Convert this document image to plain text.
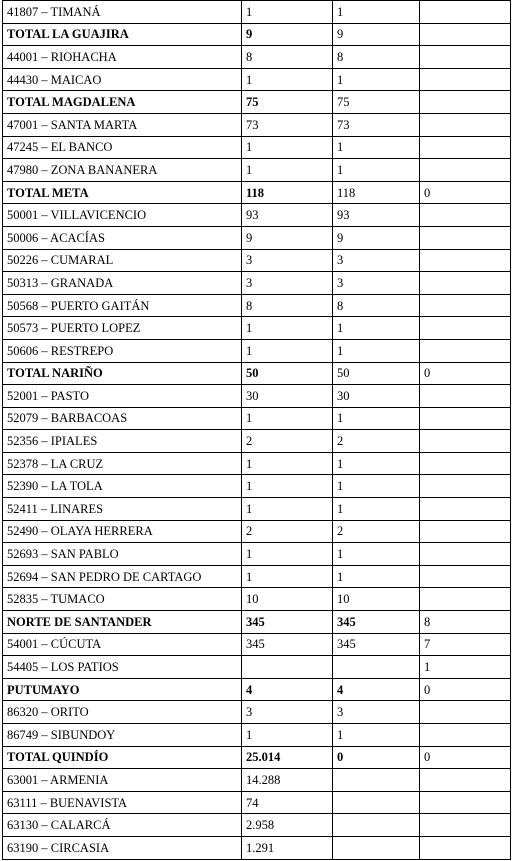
41807 – TIMANÁ	1	1	
TOTAL LA GUAJIRA	9	9	
44001 – RIOHACHA	8	8	
44430 – MAICAO	1	1	
TOTAL MAGDALENA	75	75	
47001 – SANTA MARTA	73	73	
47245 – EL BANCO	1	1	
47980 – ZONA BANANERA	1	1	
TOTAL META	118	118	0
50001 – VILLAVICENCIO	93	93	
50006 – ACACÍAS	9	9	
50226 – CUMARAL	3	3	
50313 – GRANADA	3	3	
50568 – PUERTO GAITÁN	8	8	
50573 – PUERTO LOPEZ	1	1	
50606 – RESTREPO	1	1	
TOTAL NARIÑO	50	50	0
52001 – PASTO	30	30	
52079 – BARBACOAS	1	1	
52356 – IPIALES	2	2	
52378 – LA CRUZ	1	1	
52390 – LA TOLA	1	1	
52411 – LINARES	1	1	
52490 – OLAYA HERRERA	2	2	
52693 – SAN PABLO	1	1	
52694 – SAN PEDRO DE CARTAGO	1	1	
52835 – TUMACO	10	10	
NORTE DE SANTANDER	345	345	8
54001 – CÚCUTA	345	345	7
54405 – LOS PATIOS			1
PUTUMAYO	4	4	0
86320 – ORITO	3	3	
86749 – SIBUNDOY	1	1	
TOTAL QUINDÍO	25.014	0	0
63001 – ARMENIA	14.288		
63111 – BUENAVISTA	74		
63130 – CALARCÁ	2.958		
63190 – CIRCASIA	1.291		
